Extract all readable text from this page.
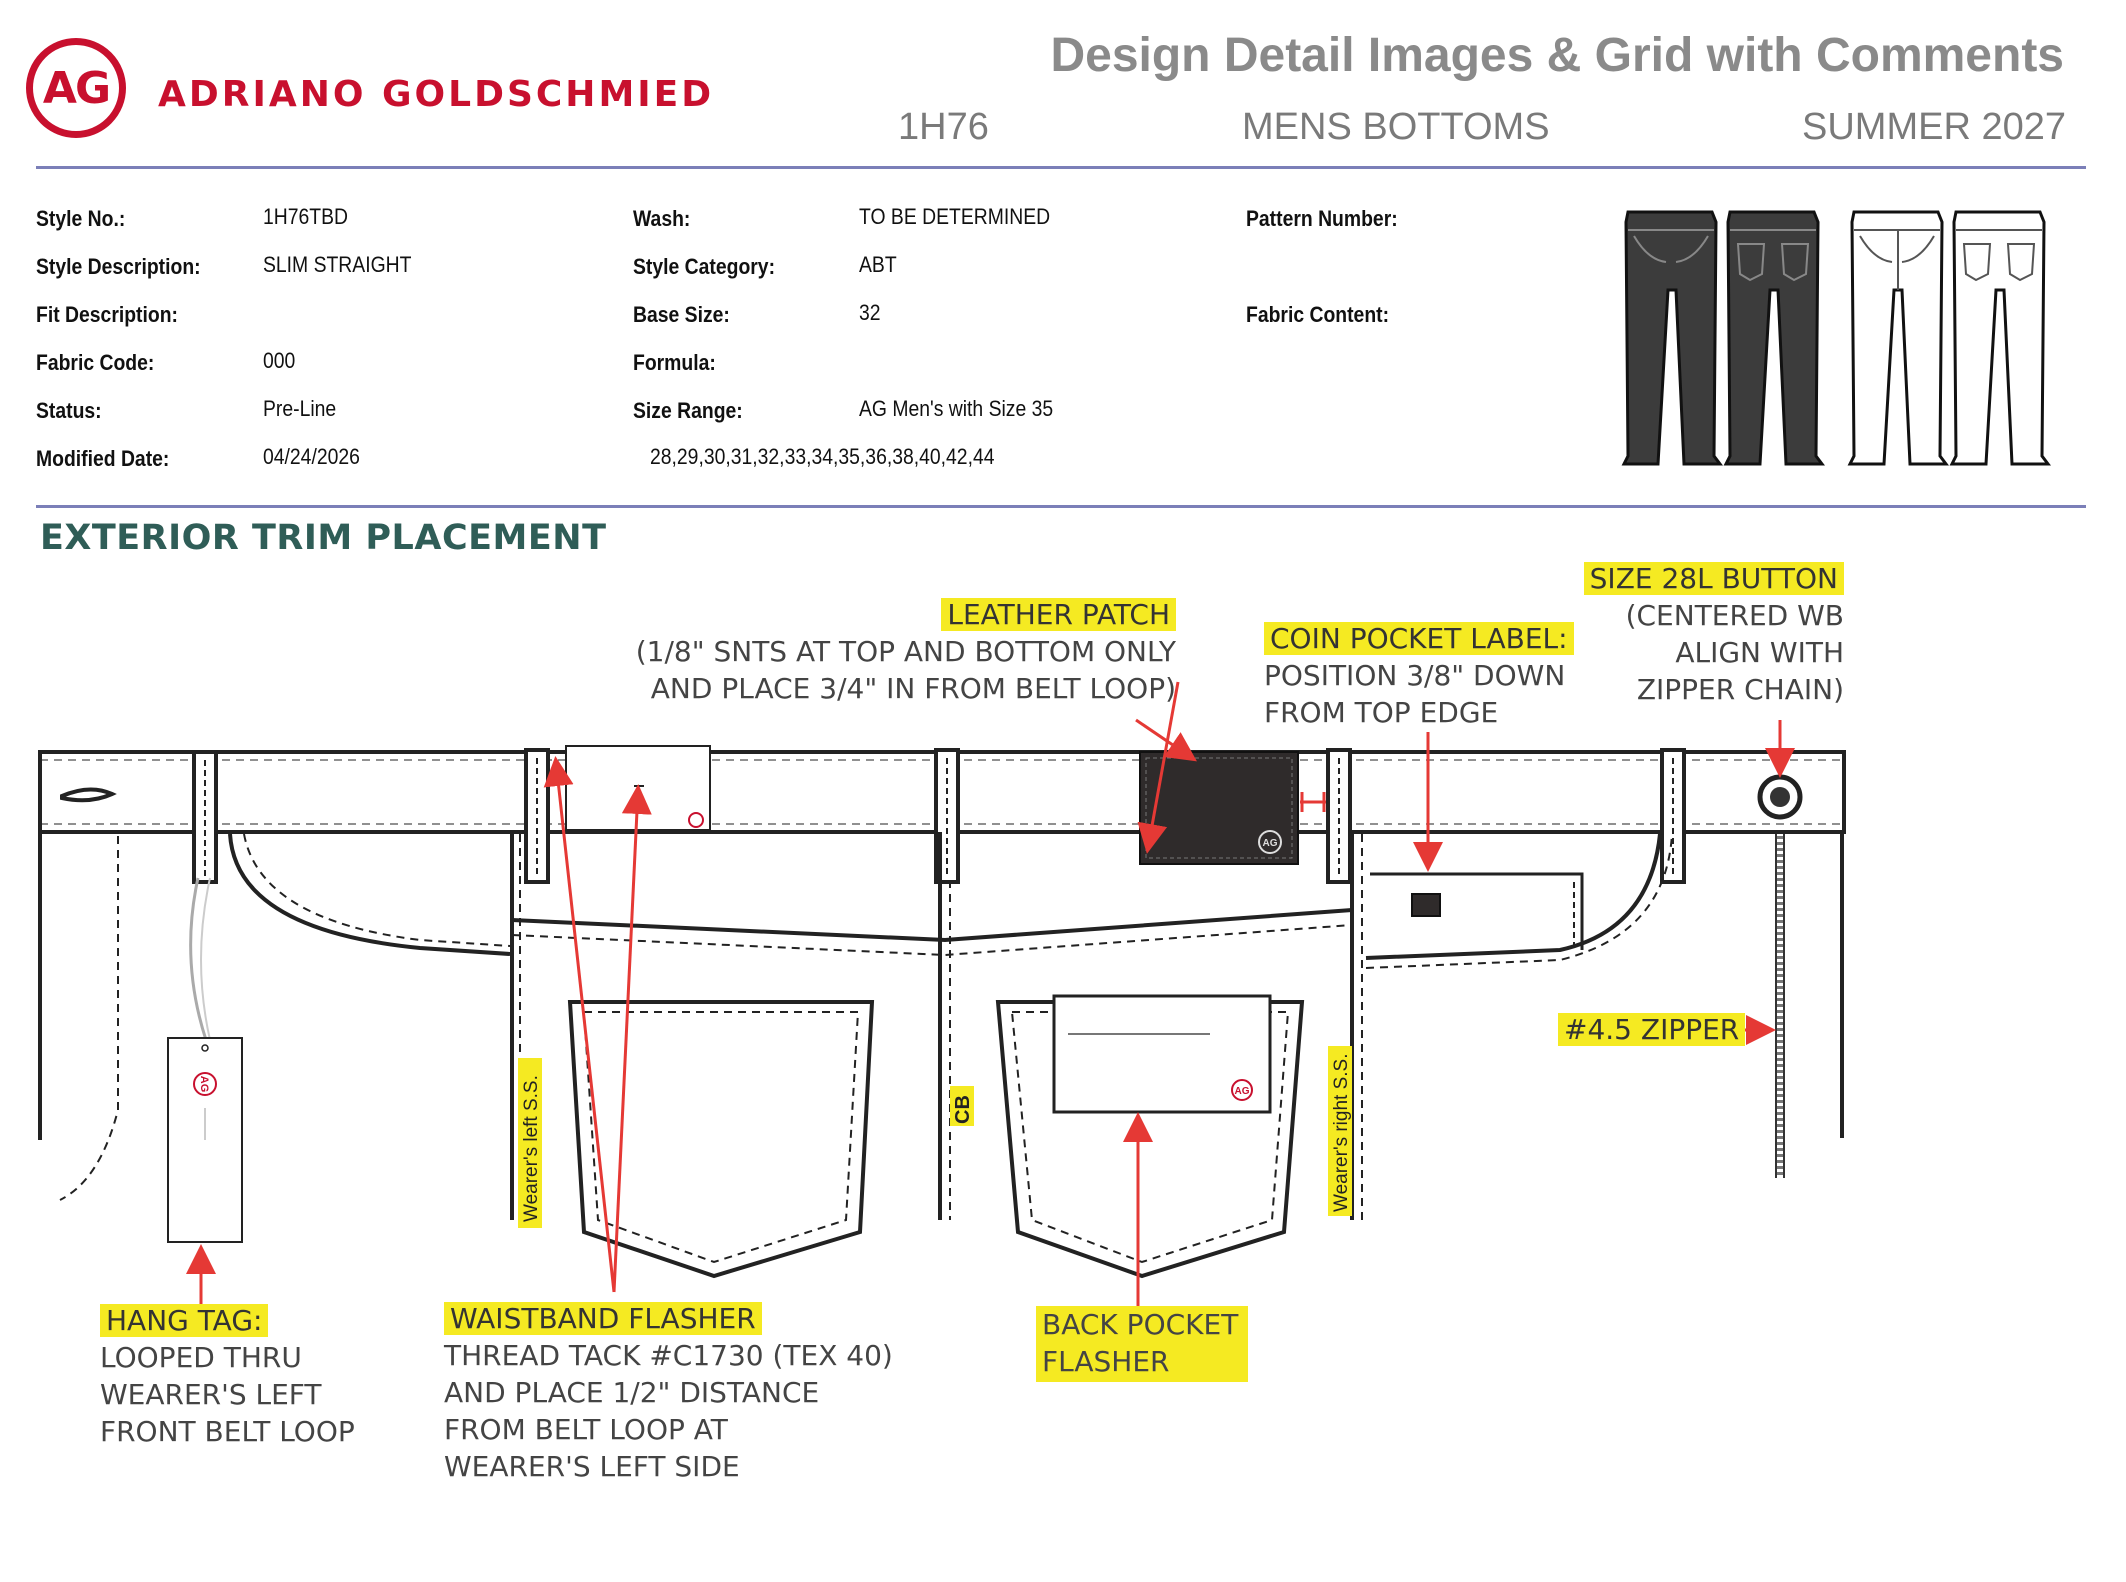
AG ADRIANO GOLDSCHMIED
Design Detail Images & Grid with Comments
1H76	MENS BOTTOMS	SUMMER 2027
Style No.:	1H76TBD
Style Description:	SLIM STRAIGHT
Fit Description:
Fabric Code:	000
Status:	Pre-Line
Modified Date:	04/24/2026
Wash:	TO BE DETERMINED
Style Category:	ABT
Base Size:	32
Formula:
Size Range:	AG Men's with Size 35
28,29,30,31,32,33,34,35,36,38,40,42,44
Pattern Number:
Fabric Content:
EXTERIOR TRIM PLACEMENT
Wearer's left S.S.	CB	Wearer's right S.S.
AG
AG
AG
LEATHER PATCH
(1/8" SNTS AT TOP AND BOTTOM ONLY
AND PLACE 3/4" IN FROM BELT LOOP)
COIN POCKET LABEL:
POSITION 3/8" DOWN
FROM TOP EDGE
SIZE 28L BUTTON
(CENTERED WB
ALIGN WITH
ZIPPER CHAIN)
#4.5 ZIPPER
HANG TAG:
LOOPED THRU
WEARER'S LEFT
FRONT BELT LOOP
WAISTBAND FLASHER
THREAD TACK #C1730 (TEX 40)
AND PLACE 1/2" DISTANCE
FROM BELT LOOP AT
WEARER'S LEFT SIDE
BACK POCKET
FLASHER
